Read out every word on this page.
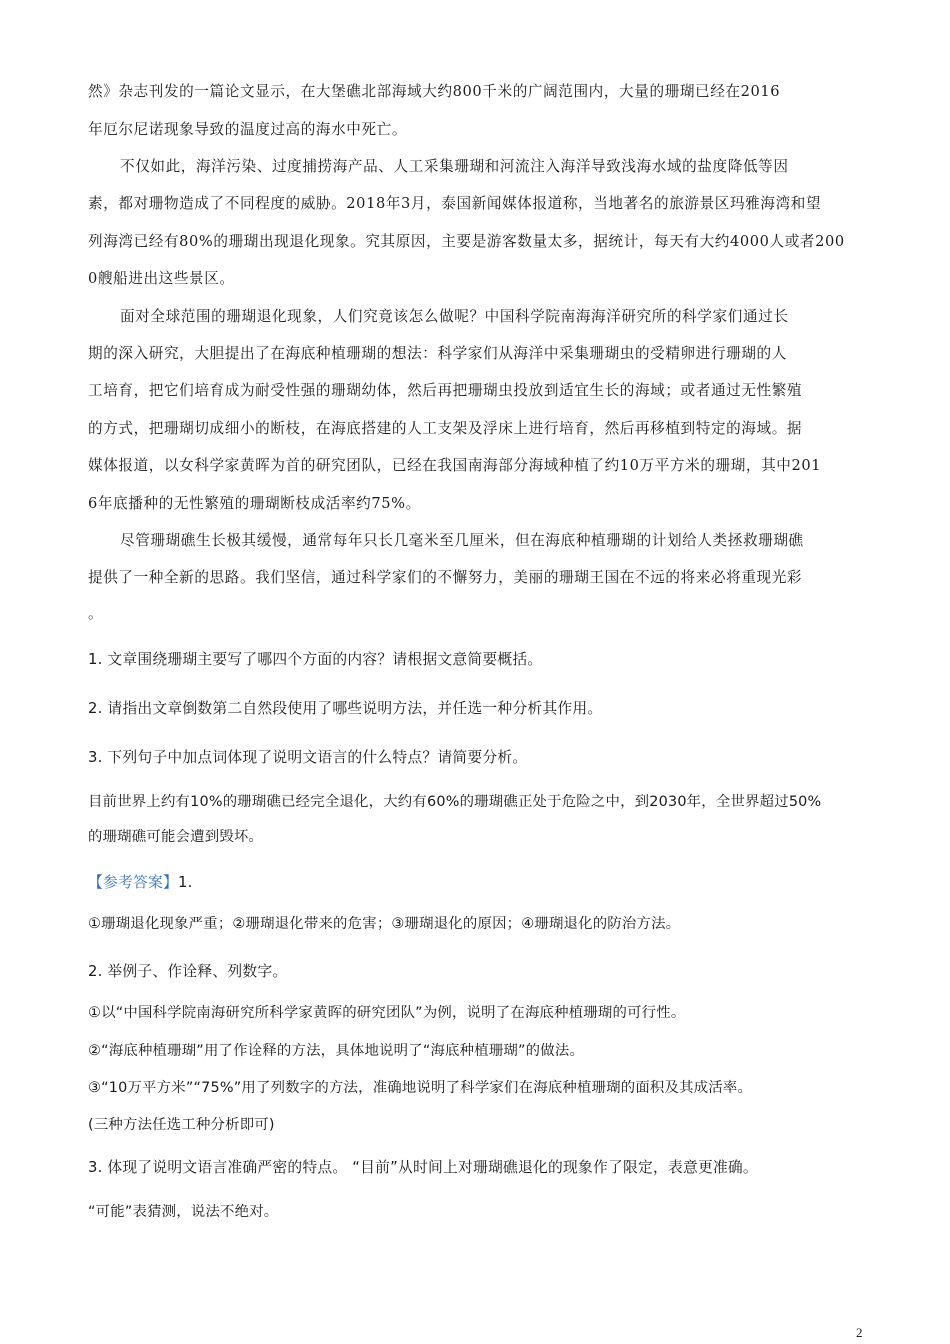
然》杂志刊发的一篇论文显示，在大堡礁北部海域大约800千米的广阔范围内，大量的珊瑚已经在2016
年厄尔尼诺现象导致的温度过高的海水中死亡。
不仅如此，海洋污染、过度捕捞海产品、人工采集珊瑚和河流注入海洋导致浅海水域的盐度降低等因
素，都对珊物造成了不同程度的威胁。2018年3月，泰国新闻媒体报道称，当地著名的旅游景区玛雅海湾和望
列海湾已经有80%的珊瑚出现退化现象。究其原因，主要是游客数量太多，据统计，每天有大约4000人或者200
0艘船进出这些景区。
面对全球范围的珊瑚退化现象，人们究竟该怎么做呢？中国科学院南海海洋研究所的科学家们通过长
期的深入研究，大胆提出了在海底种植珊瑚的想法：科学家们从海洋中采集珊瑚虫的受精卵进行珊瑚的人
工培育，把它们培育成为耐受性强的珊瑚幼体，然后再把珊瑚虫投放到适宜生长的海域；或者通过无性繁殖
的方式，把珊瑚切成细小的断枝，在海底搭建的人工支架及浮床上进行培育，然后再移植到特定的海域。据
媒体报道，以女科学家黄晖为首的研究团队，已经在我国南海部分海域种植了约10万平方米的珊瑚，其中201
6年底播种的无性繁殖的珊瑚断枝成活率约75%。
尽管珊瑚礁生长极其缓慢，通常每年只长几毫米至几厘米，但在海底种植珊瑚的计划给人类拯救珊瑚礁
提供了一种全新的思路。我们坚信，通过科学家们的不懈努力，美丽的珊瑚王国在不远的将来必将重现光彩
。
1. 文章围绕珊瑚主要写了哪四个方面的内容？请根据文意简要概括。
2. 请指出文章倒数第二自然段使用了哪些说明方法，并任选一种分析其作用。
3. 下列句子中加点词体现了说明文语言的什么特点？请简要分析。
目前世界上约有10%的珊瑚礁已经完全退化，大约有60%的珊瑚礁正处于危险之中，到2030年，全世界超过50%
的珊瑚礁可能会遭到毁坏。
【参考答案】1.
①珊瑚退化现象严重；②珊瑚退化带来的危害；③珊瑚退化的原因；④珊瑚退化的防治方法。
2. 举例子、作诠释、列数字。
①以“中国科学院南海研究所科学家黄晖的研究团队”为例，说明了在海底种植珊瑚的可行性。
②“海底种植珊瑚”用了作诠释的方法，具体地说明了“海底种植珊瑚”的做法。
③“10万平方米”“75%”用了列数字的方法，准确地说明了科学家们在海底种植珊瑚的面积及其成活率。
(三种方法任选工种分析即可)
3. 体现了说明文语言准确严密的特点。 “目前”从时间上对珊瑚礁退化的现象作了限定，表意更准确。
“可能”表猜测，说法不绝对。
2
